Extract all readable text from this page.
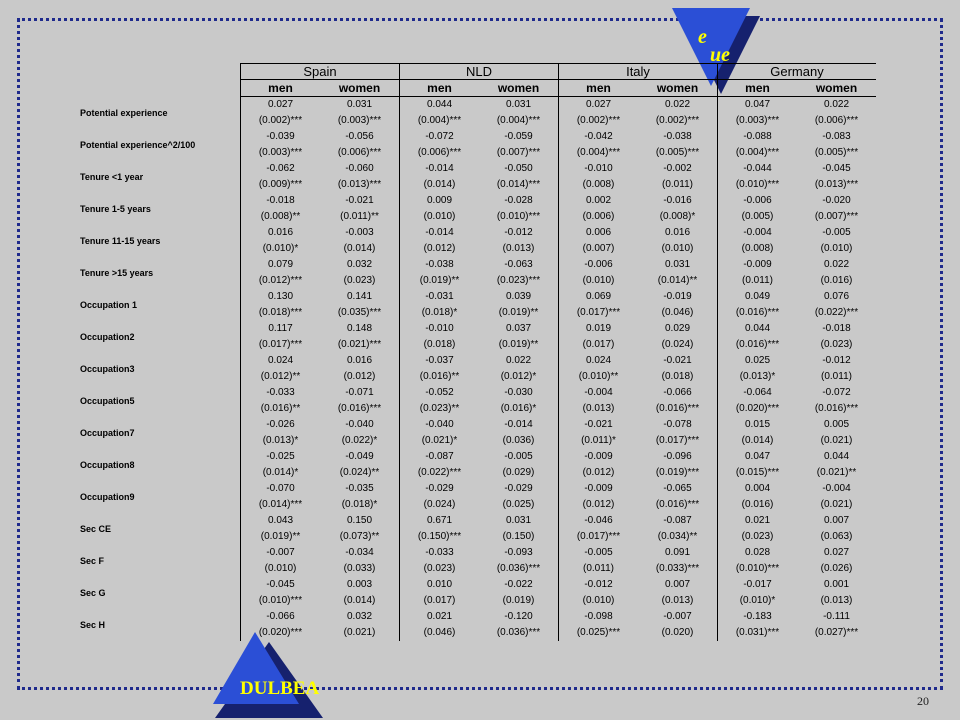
e
ue
	Spain		NLD		Italy		Germany	
	men	women	men	women	men	women	men	women
Potential experience	0.027	0.031	0.044	0.031	0.027	0.022	0.047	0.022
	(0.002)***	(0.003)***	(0.004)***	(0.004)***	(0.002)***	(0.002)***	(0.003)***	(0.006)***
Potential experience^2/100	-0.039	-0.056	-0.072	-0.059	-0.042	-0.038	-0.088	-0.083
	(0.003)***	(0.006)***	(0.006)***	(0.007)***	(0.004)***	(0.005)***	(0.004)***	(0.005)***
Tenure <1 year	-0.062	-0.060	-0.014	-0.050	-0.010	-0.002	-0.044	-0.045
	(0.009)***	(0.013)***	(0.014)	(0.014)***	(0.008)	(0.011)	(0.010)***	(0.013)***
Tenure 1-5 years	-0.018	-0.021	0.009	-0.028	0.002	-0.016	-0.006	-0.020
	(0.008)**	(0.011)**	(0.010)	(0.010)***	(0.006)	(0.008)*	(0.005)	(0.007)***
Tenure 11-15 years	0.016	-0.003	-0.014	-0.012	0.006	0.016	-0.004	-0.005
	(0.010)*	(0.014)	(0.012)	(0.013)	(0.007)	(0.010)	(0.008)	(0.010)
Tenure >15 years	0.079	0.032	-0.038	-0.063	-0.006	0.031	-0.009	0.022
	(0.012)***	(0.023)	(0.019)**	(0.023)***	(0.010)	(0.014)**	(0.011)	(0.016)
Occupation 1	0.130	0.141	-0.031	0.039	0.069	-0.019	0.049	0.076
	(0.018)***	(0.035)***	(0.018)*	(0.019)**	(0.017)***	(0.046)	(0.016)***	(0.022)***
Occupation2	0.117	0.148	-0.010	0.037	0.019	0.029	0.044	-0.018
	(0.017)***	(0.021)***	(0.018)	(0.019)**	(0.017)	(0.024)	(0.016)***	(0.023)
Occupation3	0.024	0.016	-0.037	0.022	0.024	-0.021	0.025	-0.012
	(0.012)**	(0.012)	(0.016)**	(0.012)*	(0.010)**	(0.018)	(0.013)*	(0.011)
Occupation5	-0.033	-0.071	-0.052	-0.030	-0.004	-0.066	-0.064	-0.072
	(0.016)**	(0.016)***	(0.023)**	(0.016)*	(0.013)	(0.016)***	(0.020)***	(0.016)***
Occupation7	-0.026	-0.040	-0.040	-0.014	-0.021	-0.078	0.015	0.005
	(0.013)*	(0.022)*	(0.021)*	(0.036)	(0.011)*	(0.017)***	(0.014)	(0.021)
Occupation8	-0.025	-0.049	-0.087	-0.005	-0.009	-0.096	0.047	0.044
	(0.014)*	(0.024)**	(0.022)***	(0.029)	(0.012)	(0.019)***	(0.015)***	(0.021)**
Occupation9	-0.070	-0.035	-0.029	-0.029	-0.009	-0.065	0.004	-0.004
	(0.014)***	(0.018)*	(0.024)	(0.025)	(0.012)	(0.016)***	(0.016)	(0.021)
Sec CE	0.043	0.150	0.671	0.031	-0.046	-0.087	0.021	0.007
	(0.019)**	(0.073)**	(0.150)***	(0.150)	(0.017)***	(0.034)**	(0.023)	(0.063)
Sec F	-0.007	-0.034	-0.033	-0.093	-0.005	0.091	0.028	0.027
	(0.010)	(0.033)	(0.023)	(0.036)***	(0.011)	(0.033)***	(0.010)***	(0.026)
Sec G	-0.045	0.003	0.010	-0.022	-0.012	0.007	-0.017	0.001
	(0.010)***	(0.014)	(0.017)	(0.019)	(0.010)	(0.013)	(0.010)*	(0.013)
Sec H	-0.066	0.032	0.021	-0.120	-0.098	-0.007	-0.183	-0.111
	(0.020)***	(0.021)	(0.046)	(0.036)***	(0.025)***	(0.020)	(0.031)***	(0.027)***
DULBEA
20
